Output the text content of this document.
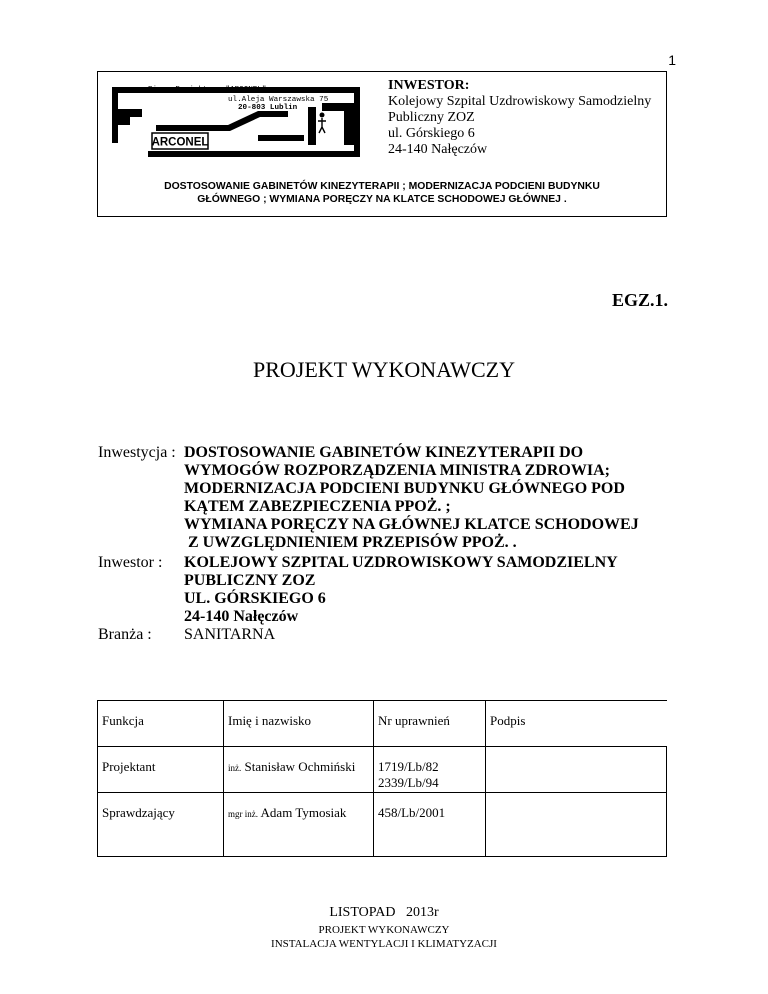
1
ARCONEL
Biuro Projektowe "ARCONEL" sp. z o.o.
ul.Aleja Warszawska 75
20-803 Lublin
INWESTOR:
Kolejowy Szpital Uzdrowiskowy Samodzielny
Publiczny ZOZ
ul. Górskiego 6
24-140 Nałęczów
DOSTOSOWANIE GABINETÓW KINEZYTERAPII ; MODERNIZACJA PODCIENI BUDYNKU
GŁÓWNEGO ; WYMIANA PORĘCZY NA KLATCE SCHODOWEJ GŁÓWNEJ .
EGZ.1.
PROJEKT WYKONAWCZY
Inwestycja : DOSTOSOWANIE GABINETÓW KINEZYTERAPII DO
WYMOGÓW ROZPORZĄDZENIA MINISTRA ZDROWIA;
MODERNIZACJA PODCIENI BUDYNKU GŁÓWNEGO POD
KĄTEM ZABEZPIECZENIA PPOŻ. ;
WYMIANA PORĘCZY NA GŁÓWNEJ KLATCE SCHODOWEJ
Z UWZGLĘDNIENIEM PRZEPISÓW PPOŻ. .
Inwestor : KOLEJOWY SZPITAL UZDROWISKOWY SAMODZIELNY
PUBLICZNY ZOZ
UL. GÓRSKIEGO 6
24-140 Nałęczów
Branża : SANITARNA
Funkcja	Imię i nazwisko	Nr uprawnień	Podpis
Projektant	inż. Stanisław Ochmiński	1719/Lb/82
2339/Lb/94	

Sprawdzający	mgr inż. Adam Tymosiak	458/Lb/2001	

LISTOPAD   2013r
PROJEKT WYKONAWCZY
INSTALACJA WENTYLACJI I KLIMATYZACJI
